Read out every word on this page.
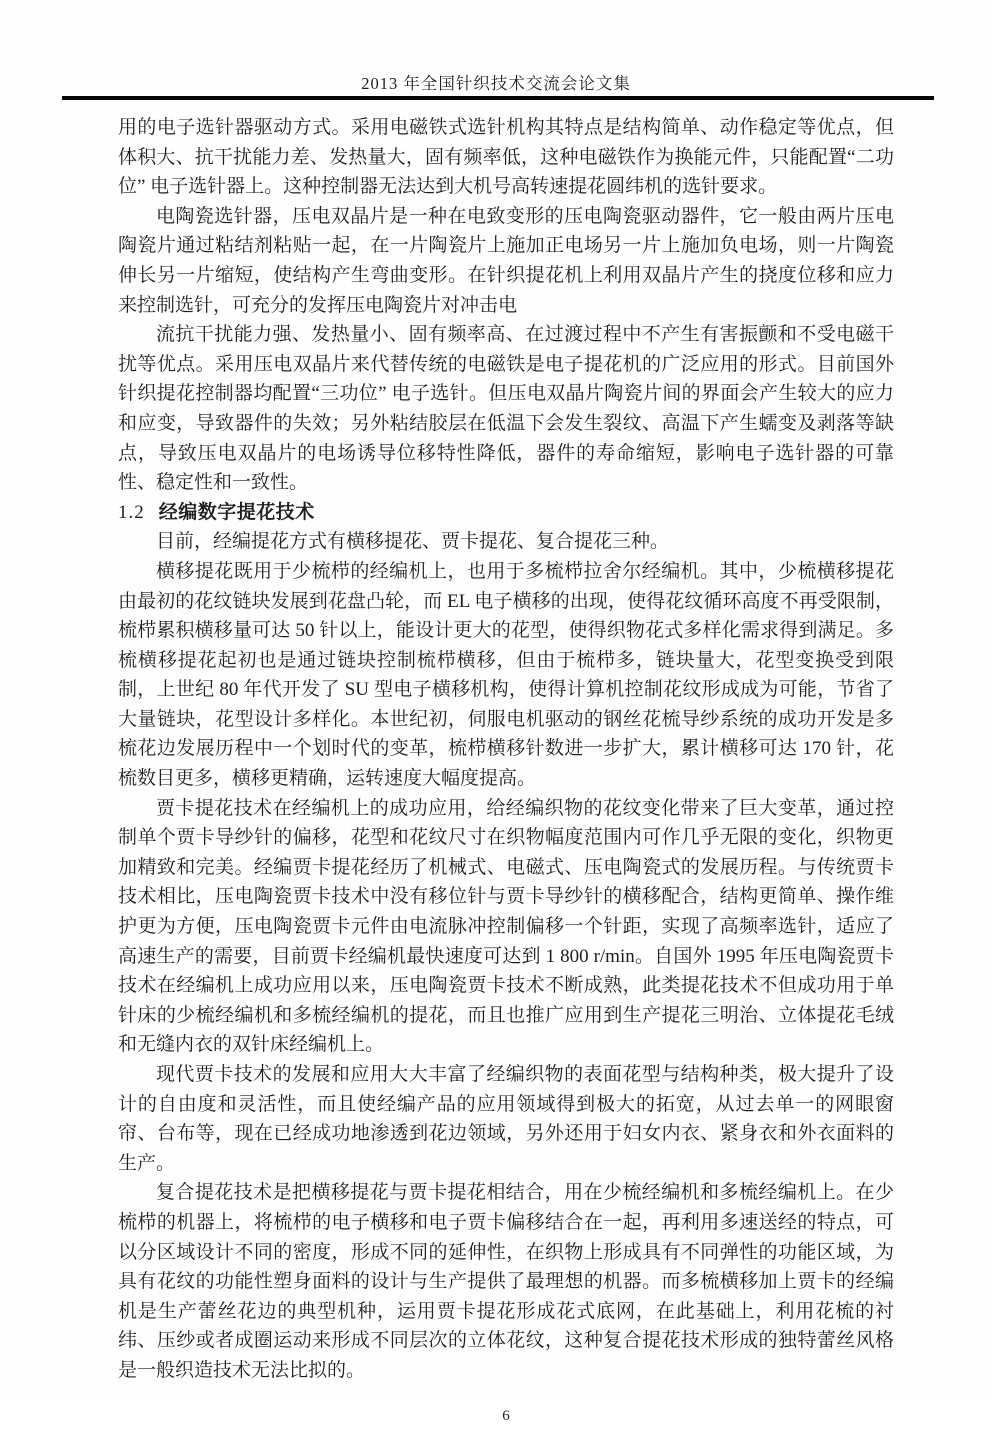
2013 年全国针织技术交流会论文集

用的电子选针器驱动方式。采用电磁铁式选针机构其特点是结构简单、动作稳定等优点，但体积大、抗干扰能力差、发热量大，固有频率低，这种电磁铁作为换能元件，只能配置“二功位” 电子选针器上。这种控制器无法达到大机号高转速提花圆纬机的选针要求。

电陶瓷选针器，压电双晶片是一种在电致变形的压电陶瓷驱动器件，它一般由两片压电陶瓷片通过粘结剂粘贴一起，在一片陶瓷片上施加正电场另一片上施加负电场，则一片陶瓷伸长另一片缩短，使结构产生弯曲变形。在针织提花机上利用双晶片产生的挠度位移和应力来控制选针，可充分的发挥压电陶瓷片对冲击电

流抗干扰能力强、发热量小、固有频率高、在过渡过程中不产生有害振颤和不受电磁干扰等优点。采用压电双晶片来代替传统的电磁铁是电子提花机的广泛应用的形式。目前国外针织提花控制器均配置“三功位” 电子选针。但压电双晶片陶瓷片间的界面会产生较大的应力和应变，导致器件的失效；另外粘结胶层在低温下会发生裂纹、高温下产生蠕变及剥落等缺点，导致压电双晶片的电场诱导位移特性降低，器件的寿命缩短，影响电子选针器的可靠性、稳定性和一致性。

1.2 经编数字提花技术

目前，经编提花方式有横移提花、贾卡提花、复合提花三种。

横移提花既用于少梳栉的经编机上，也用于多梳栉拉舍尔经编机。其中，少梳横移提花由最初的花纹链块发展到花盘凸轮，而 EL 电子横移的出现，使得花纹循环高度不再受限制，梳栉累积横移量可达 50 针以上，能设计更大的花型，使得织物花式多样化需求得到满足。多梳横移提花起初也是通过链块控制梳栉横移，但由于梳栉多，链块量大，花型变换受到限制，上世纪 80 年代开发了 SU 型电子横移机构，使得计算机控制花纹形成成为可能，节省了大量链块，花型设计多样化。本世纪初，伺服电机驱动的钢丝花梳导纱系统的成功开发是多梳花边发展历程中一个划时代的变革，梳栉横移针数进一步扩大，累计横移可达 170 针，花梳数目更多，横移更精确，运转速度大幅度提高。

贾卡提花技术在经编机上的成功应用，给经编织物的花纹变化带来了巨大变革，通过控制单个贾卡导纱针的偏移，花型和花纹尺寸在织物幅度范围内可作几乎无限的变化，织物更加精致和完美。经编贾卡提花经历了机械式、电磁式、压电陶瓷式的发展历程。与传统贾卡技术相比，压电陶瓷贾卡技术中没有移位针与贾卡导纱针的横移配合，结构更简单、操作维护更为方便，压电陶瓷贾卡元件由电流脉冲控制偏移一个针距，实现了高频率选针，适应了高速生产的需要，目前贾卡经编机最快速度可达到 1 800 r/min。自国外 1995 年压电陶瓷贾卡技术在经编机上成功应用以来，压电陶瓷贾卡技术不断成熟，此类提花技术不但成功用于单针床的少梳经编机和多梳经编机的提花，而且也推广应用到生产提花三明治、立体提花毛绒和无缝内衣的双针床经编机上。

现代贾卡技术的发展和应用大大丰富了经编织物的表面花型与结构种类，极大提升了设计的自由度和灵活性，而且使经编产品的应用领域得到极大的拓宽，从过去单一的网眼窗帘、台布等，现在已经成功地渗透到花边领域，另外还用于妇女内衣、紧身衣和外衣面料的生产。

复合提花技术是把横移提花与贾卡提花相结合，用在少梳经编机和多梳经编机上。在少梳栉的机器上，将梳栉的电子横移和电子贾卡偏移结合在一起，再利用多速送经的特点，可以分区域设计不同的密度，形成不同的延伸性，在织物上形成具有不同弹性的功能区域，为具有花纹的功能性塑身面料的设计与生产提供了最理想的机器。而多梳横移加上贾卡的经编机是生产蕾丝花边的典型机种，运用贾卡提花形成花式底网，在此基础上，利用花梳的衬纬、压纱或者成圈运动来形成不同层次的立体花纹，这种复合提花技术形成的独特蕾丝风格是一般织造技术无法比拟的。

6
